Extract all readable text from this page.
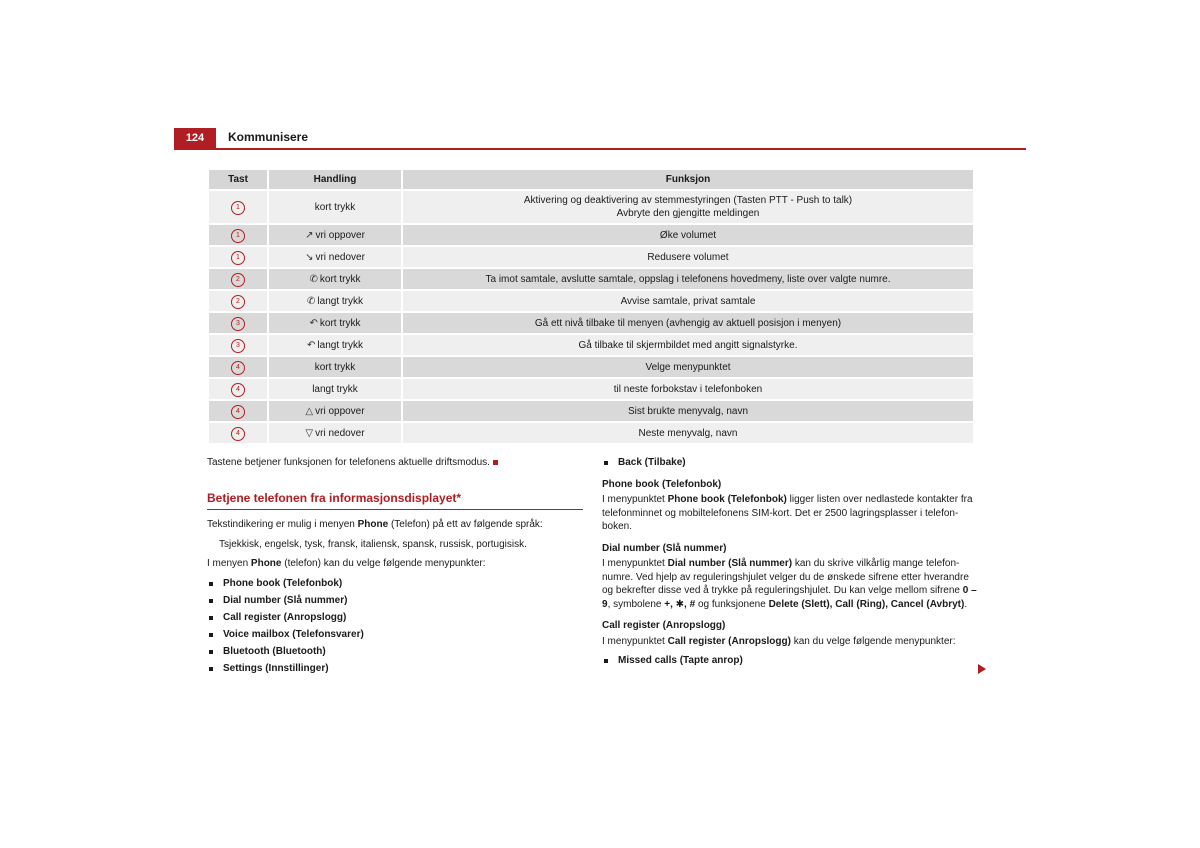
124	Kommunisere
Tast	Handling	Funksjon
1	kort trykk	Aktivering og deaktivering av stemmestyringen (Tasten PTT - Push to talk)
Avbryte den gjengitte meldingen

1	↗ vri oppover	Øke volumet

1	↘ vri nedover	Redusere volumet

2	✆ kort trykk	Ta imot samtale, avslutte samtale, oppslag i telefonens hovedmeny, liste over valgte numre.

2	✆ langt trykk	Avvise samtale, privat samtale

3	↶ kort trykk	Gå ett nivå tilbake til menyen (avhengig av aktuell posisjon i menyen)

3	↶ langt trykk	Gå tilbake til skjermbildet med angitt signalstyrke.

4	kort trykk	Velge menypunktet

4	langt trykk	til neste forbokstav i telefonboken

4	△ vri oppover	Sist brukte menyvalg, navn

4	▽ vri nedover	Neste menyvalg, navn

Tastene betjener funksjonen for telefonens aktuelle driftsmodus.

Betjene telefonen fra informasjonsdisplayet*

Tekstindikering er mulig i menyen Phone (Telefon) på ett av følgende språk:

Tsjekkisk, engelsk, tysk, fransk, italiensk, spansk, russisk, portugisisk.

I menyen Phone (telefon) kan du velge følgende menypunkter:

Phone book (Telefonbok)
Dial number (Slå nummer)
Call register (Anropslogg)
Voice mailbox (Telefonsvarer)
Bluetooth (Bluetooth)
Settings (Innstillinger)
Back (Tilbake)
Phone book (Telefonbok)

I menypunktet Phone book (Telefonbok) ligger listen over nedlastede kontakter fra telefonminnet og mobiltelefonens SIM-kort. Det er 2500 lagringsplasser i telefonboken.

Dial number (Slå nummer)

I menypunktet Dial number (Slå nummer) kan du skrive vilkårlig mange telefonnumre. Ved hjelp av reguleringshjulet velger du de ønskede sifrene etter hverandre og bekrefter disse ved å trykke på reguleringshjulet. Du kan velge mellom sifrene 0 – 9, symbolene +, ✱, # og funksjonene Delete (Slett), Call (Ring), Cancel (Avbryt).

Call register (Anropslogg)

I menypunktet Call register (Anropslogg) kan du velge følgende menypunkter:

Missed calls (Tapte anrop)
